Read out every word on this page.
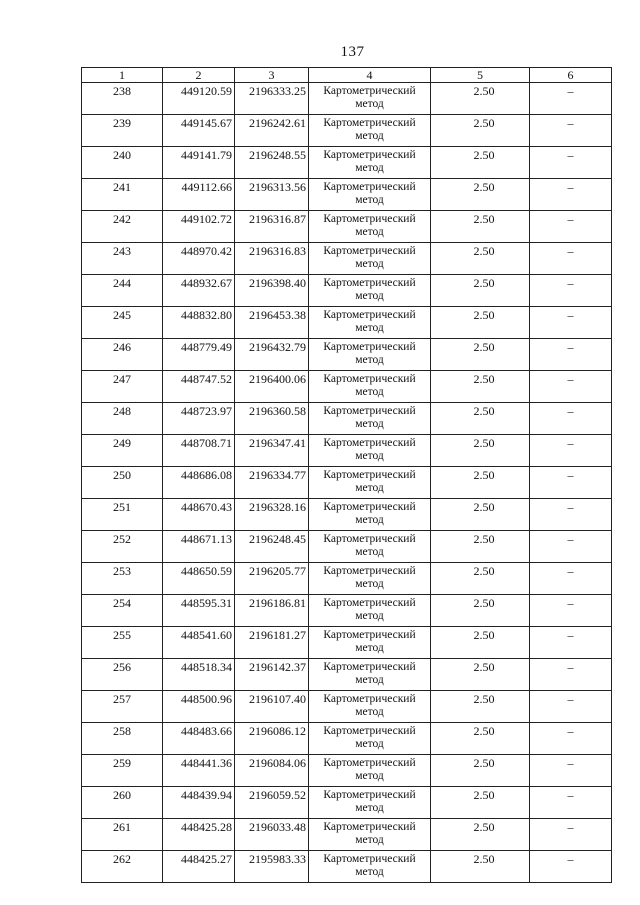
137
1	2	3	4	5	6
238	449120.59	2196333.25	Картометрический метод	2.50	–
239	449145.67	2196242.61	Картометрический метод	2.50	–
240	449141.79	2196248.55	Картометрический метод	2.50	–
241	449112.66	2196313.56	Картометрический метод	2.50	–
242	449102.72	2196316.87	Картометрический метод	2.50	–
243	448970.42	2196316.83	Картометрический метод	2.50	–
244	448932.67	2196398.40	Картометрический метод	2.50	–
245	448832.80	2196453.38	Картометрический метод	2.50	–
246	448779.49	2196432.79	Картометрический метод	2.50	–
247	448747.52	2196400.06	Картометрический метод	2.50	–
248	448723.97	2196360.58	Картометрический метод	2.50	–
249	448708.71	2196347.41	Картометрический метод	2.50	–
250	448686.08	2196334.77	Картометрический метод	2.50	–
251	448670.43	2196328.16	Картометрический метод	2.50	–
252	448671.13	2196248.45	Картометрический метод	2.50	–
253	448650.59	2196205.77	Картометрический метод	2.50	–
254	448595.31	2196186.81	Картометрический метод	2.50	–
255	448541.60	2196181.27	Картометрический метод	2.50	–
256	448518.34	2196142.37	Картометрический метод	2.50	–
257	448500.96	2196107.40	Картометрический метод	2.50	–
258	448483.66	2196086.12	Картометрический метод	2.50	–
259	448441.36	2196084.06	Картометрический метод	2.50	–
260	448439.94	2196059.52	Картометрический метод	2.50	–
261	448425.28	2196033.48	Картометрический метод	2.50	–
262	448425.27	2195983.33	Картометрический метод	2.50	–
